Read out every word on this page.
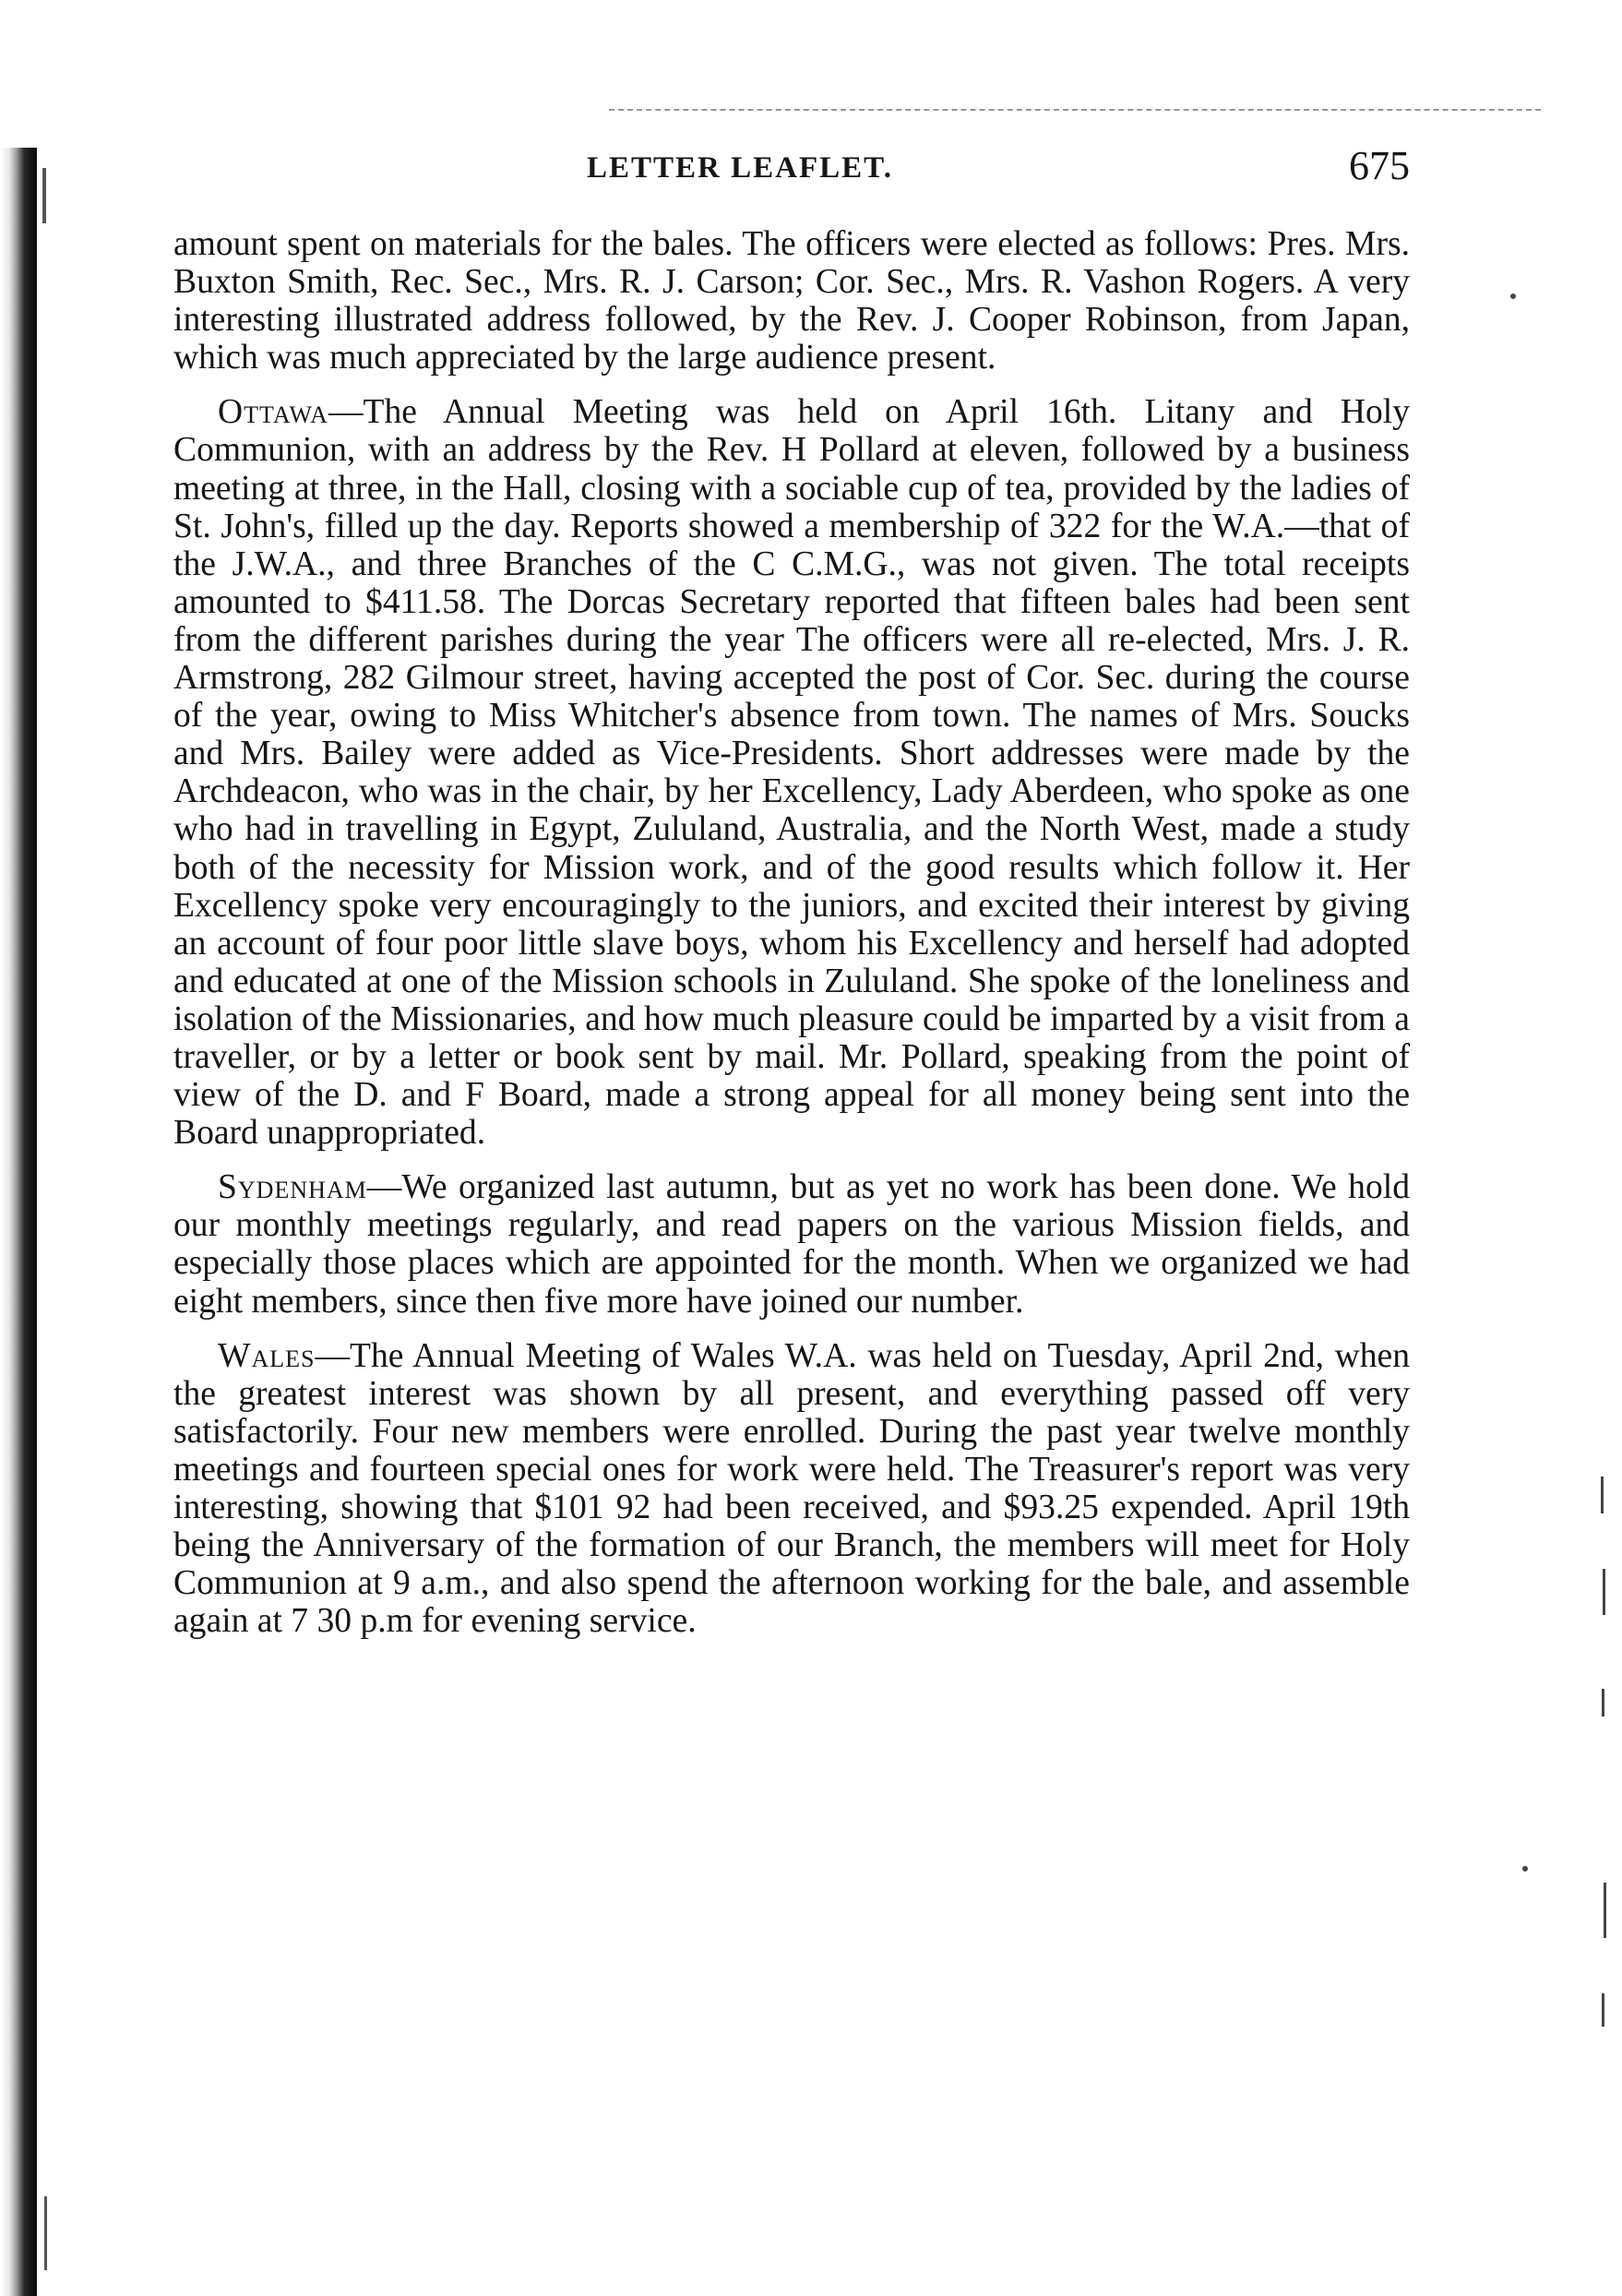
LETTER LEAFLET.	675

amount spent on materials for the bales. The officers were elected as follows: Pres. Mrs. Buxton Smith, Rec. Sec., Mrs. R. J. Carson; Cor. Sec., Mrs. R. Vashon Rogers. A very interesting illustrated address followed, by the Rev. J. Cooper Robinson, from Japan, which was much appreciated by the large audience present.

Ottawa—The Annual Meeting was held on April 16th. Litany and Holy Communion, with an address by the Rev. H Pollard at eleven, followed by a business meeting at three, in the Hall, closing with a sociable cup of tea, provided by the ladies of St. John's, filled up the day. Reports showed a membership of 322 for the W.A.—that of the J.W.A., and three Branches of the C C.M.G., was not given. The total receipts amounted to $411.58. The Dorcas Secretary reported that fifteen bales had been sent from the different parishes during the year The officers were all re-elected, Mrs. J. R. Armstrong, 282 Gilmour street, having accepted the post of Cor. Sec. during the course of the year, owing to Miss Whitcher's absence from town. The names of Mrs. Soucks and Mrs. Bailey were added as Vice-Presidents. Short addresses were made by the Archdeacon, who was in the chair, by her Excellency, Lady Aberdeen, who spoke as one who had in travelling in Egypt, Zululand, Australia, and the North West, made a study both of the necessity for Mission work, and of the good results which follow it. Her Excellency spoke very encouragingly to the juniors, and excited their interest by giving an account of four poor little slave boys, whom his Excellency and herself had adopted and educated at one of the Mission schools in Zululand. She spoke of the loneliness and isolation of the Missionaries, and how much pleasure could be imparted by a visit from a traveller, or by a letter or book sent by mail. Mr. Pollard, speaking from the point of view of the D. and F Board, made a strong appeal for all money being sent into the Board unappropriated.

Sydenham—We organized last autumn, but as yet no work has been done. We hold our monthly meetings regularly, and read papers on the various Mission fields, and especially those places which are appointed for the month. When we organized we had eight members, since then five more have joined our number.

Wales—The Annual Meeting of Wales W.A. was held on Tuesday, April 2nd, when the greatest interest was shown by all present, and everything passed off very satisfactorily. Four new members were enrolled. During the past year twelve monthly meetings and fourteen special ones for work were held. The Treasurer's report was very interesting, showing that $101 92 had been received, and $93.25 expended. April 19th being the Anniversary of the formation of our Branch, the members will meet for Holy Communion at 9 a.m., and also spend the afternoon working for the bale, and assemble again at 7 30 p.m for evening service.
